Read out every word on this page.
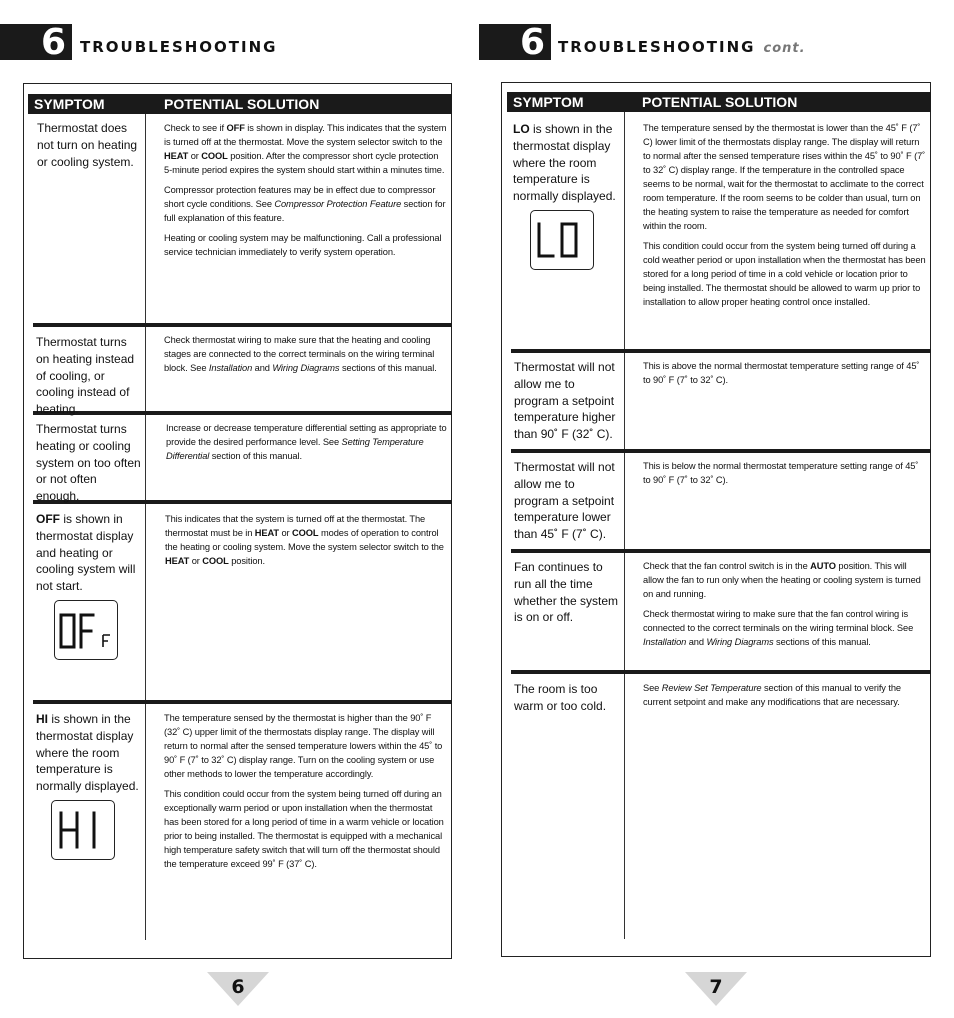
6 TROUBLESHOOTING
SYMPTOM	POTENTIAL SOLUTION
Thermostat does not turn on heating or cooling system.

Check to see if OFF is shown in display. This indicates that the system is turned off at the thermostat. Move the system selector switch to the HEAT or COOL position. After the compressor short cycle protection 5-minute period expires the system should start within a minutes time.

Compressor protection features may be in effect due to compressor short cycle conditions. See Compressor Protection Feature section for full explanation of this feature.

Heating or cooling system may be malfunctioning. Call a professional service technician immediately to verify system operation.

Thermostat turns on heating instead of cooling, or cooling instead of heating.

Check thermostat wiring to make sure that the heating and cooling stages are connected to the correct terminals on the wiring terminal block. See Installation and Wiring Diagrams sections of this manual.

Thermostat turns heating or cooling system on too often or not often enough.

Increase or decrease temperature differential setting as appropriate to provide the desired performance level. See Setting Temperature Differential section of this manual.

OFF is shown in thermostat display and heating or cooling system will not start.

This indicates that the system is turned off at the thermostat. The thermostat must be in HEAT or COOL modes of operation to control the heating or cooling system. Move the system selector switch to the HEAT or COOL position.

HI is shown in the thermostat display where the room temperature is normally displayed.

The temperature sensed by the thermostat is higher than the 90˚ F (32˚ C) upper limit of the thermostats display range. The display will return to normal after the sensed temperature lowers within the 45˚ to 90˚ F (7˚ to 32˚ C) display range. Turn on the cooling system or use other methods to lower the temperature accordingly.

This condition could occur from the system being turned off during an exceptionally warm period or upon installation when the thermostat has been stored for a long period of time in a warm vehicle or location prior to being installed. The thermostat is equipped with a mechanical high temperature safety switch that will turn off the thermostat should the temperature exceed 99˚ F (37˚ C).

6
6 TROUBLESHOOTING cont.
SYMPTOM	POTENTIAL SOLUTION
LO is shown in the thermostat display where the room temperature is normally displayed.

The temperature sensed by the thermostat is lower than the 45˚ F (7˚ C) lower limit of the thermostats display range. The display will return to normal after the sensed temperature rises within the 45˚ to 90˚ F (7˚ to 32˚ C) display range. If the temperature in the controlled space seems to be normal, wait for the thermostat to acclimate to the correct room temperature. If the room seems to be colder than usual, turn on the heating system to raise the temperature as needed for comfort within the room.

This condition could occur from the system being turned off during a cold weather period or upon installation when the thermostat has been stored for a long period of time in a cold vehicle or location prior to being installed. The thermostat should be allowed to warm up prior to installation to allow proper heating control once installed.

Thermostat will not allow me to program a setpoint temperature higher than 90˚ F (32˚ C).

This is above the normal thermostat temperature setting range of 45˚ to 90˚ F (7˚ to 32˚ C).

Thermostat will not allow me to program a setpoint temperature lower than 45˚ F (7˚ C).

This is below the normal thermostat temperature setting range of 45˚ to 90˚ F (7˚ to 32˚ C).

Fan continues to run all the time whether the system is on or off.

Check that the fan control switch is in the AUTO position. This will allow the fan to run only when the heating or cooling system is turned on and running.

Check thermostat wiring to make sure that the fan control wiring is connected to the correct terminals on the wiring terminal block. See Installation and Wiring Diagrams sections of this manual.

The room is too warm or too cold.

See Review Set Temperature section of this manual to verify the current setpoint and make any modifications that are necessary.

7
